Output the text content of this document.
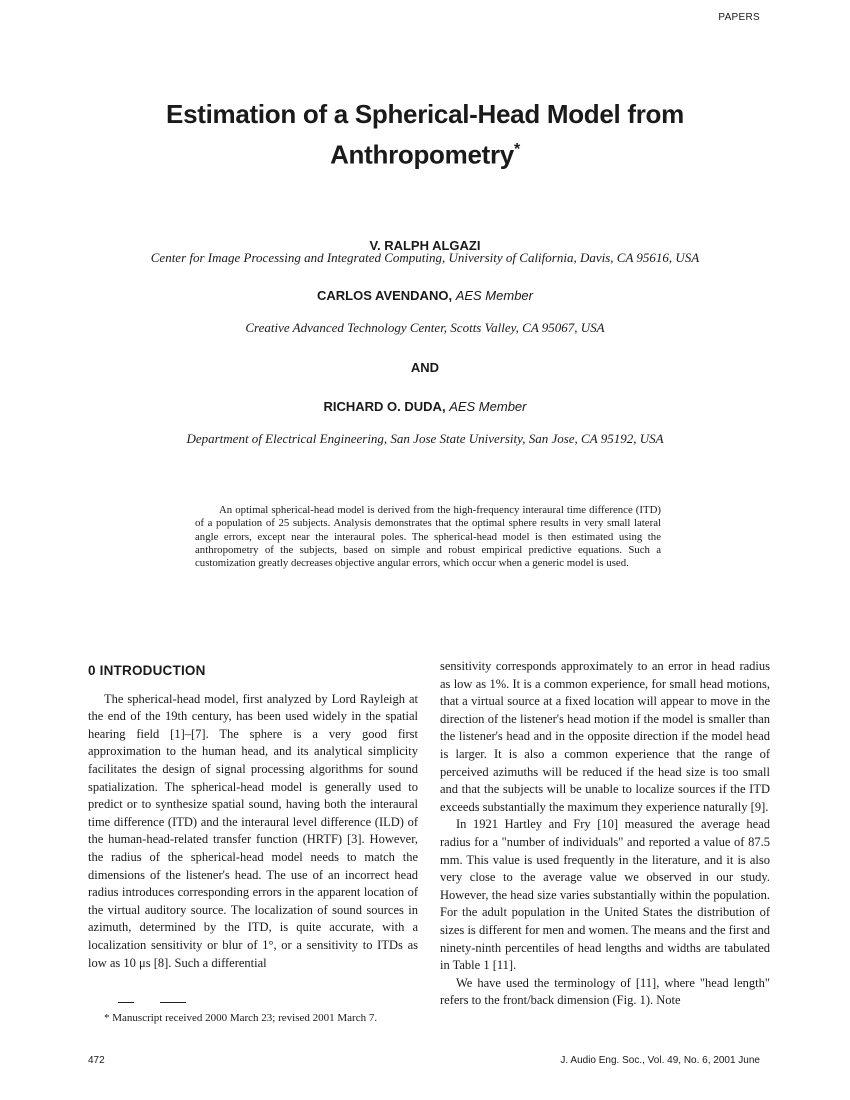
PAPERS
Estimation of a Spherical-Head Model from
Anthropometry*
V. RALPH ALGAZI
Center for Image Processing and Integrated Computing, University of California, Davis, CA 95616, USA
CARLOS AVENDANO, AES Member
Creative Advanced Technology Center, Scotts Valley, CA 95067, USA
AND
RICHARD O. DUDA, AES Member
Department of Electrical Engineering, San Jose State University, San Jose, CA 95192, USA

An optimal spherical-head model is derived from the high-frequency interaural time difference (ITD) of a population of 25 subjects. Analysis demonstrates that the optimal sphere results in very small lateral angle errors, except near the interaural poles. The spherical-head model is then estimated using the anthropometry of the subjects, based on simple and robust empirical predictive equations. Such a customization greatly decreases objective angular errors, which occur when a generic model is used.

0 INTRODUCTION

The spherical-head model, first analyzed by Lord Rayleigh at the end of the 19th century, has been used widely in the spatial hearing field [1]–[7]. The sphere is a very good first approximation to the human head, and its analytical simplicity facilitates the design of signal processing algorithms for sound spatialization. The spherical-head model is generally used to predict or to synthesize spatial sound, having both the interaural time difference (ITD) and the interaural level difference (ILD) of the human-head-related transfer function (HRTF) [3]. However, the radius of the spherical-head model needs to match the dimensions of the listener's head. The use of an incorrect head radius introduces corresponding errors in the apparent location of the virtual auditory source. The localization of sound sources in azimuth, determined by the ITD, is quite accurate, with a localization sensitivity or blur of 1°, or a sensitivity to ITDs as low as 10 μs [8]. Such a differential

sensitivity corresponds approximately to an error in head radius as low as 1%. It is a common experience, for small head motions, that a virtual source at a fixed location will appear to move in the direction of the listener's head motion if the model is smaller than the listener's head and in the opposite direction if the model head is larger. It is also a common experience that the range of perceived azimuths will be reduced if the head size is too small and that the subjects will be unable to localize sources if the ITD exceeds substantially the maximum they experience naturally [9].

In 1921 Hartley and Fry [10] measured the average head radius for a "number of individuals" and reported a value of 87.5 mm. This value is used frequently in the literature, and it is also very close to the average value we observed in our study. However, the head size varies substantially within the population. For the adult population in the United States the distribution of sizes is different for men and women. The means and the first and ninety-ninth percentiles of head lengths and widths are tabulated in Table 1 [11].

We have used the terminology of [11], where "head length" refers to the front/back dimension (Fig. 1). Note

* Manuscript received 2000 March 23; revised 2001 March 7.

472	J. Audio Eng. Soc., Vol. 49, No. 6, 2001 June
